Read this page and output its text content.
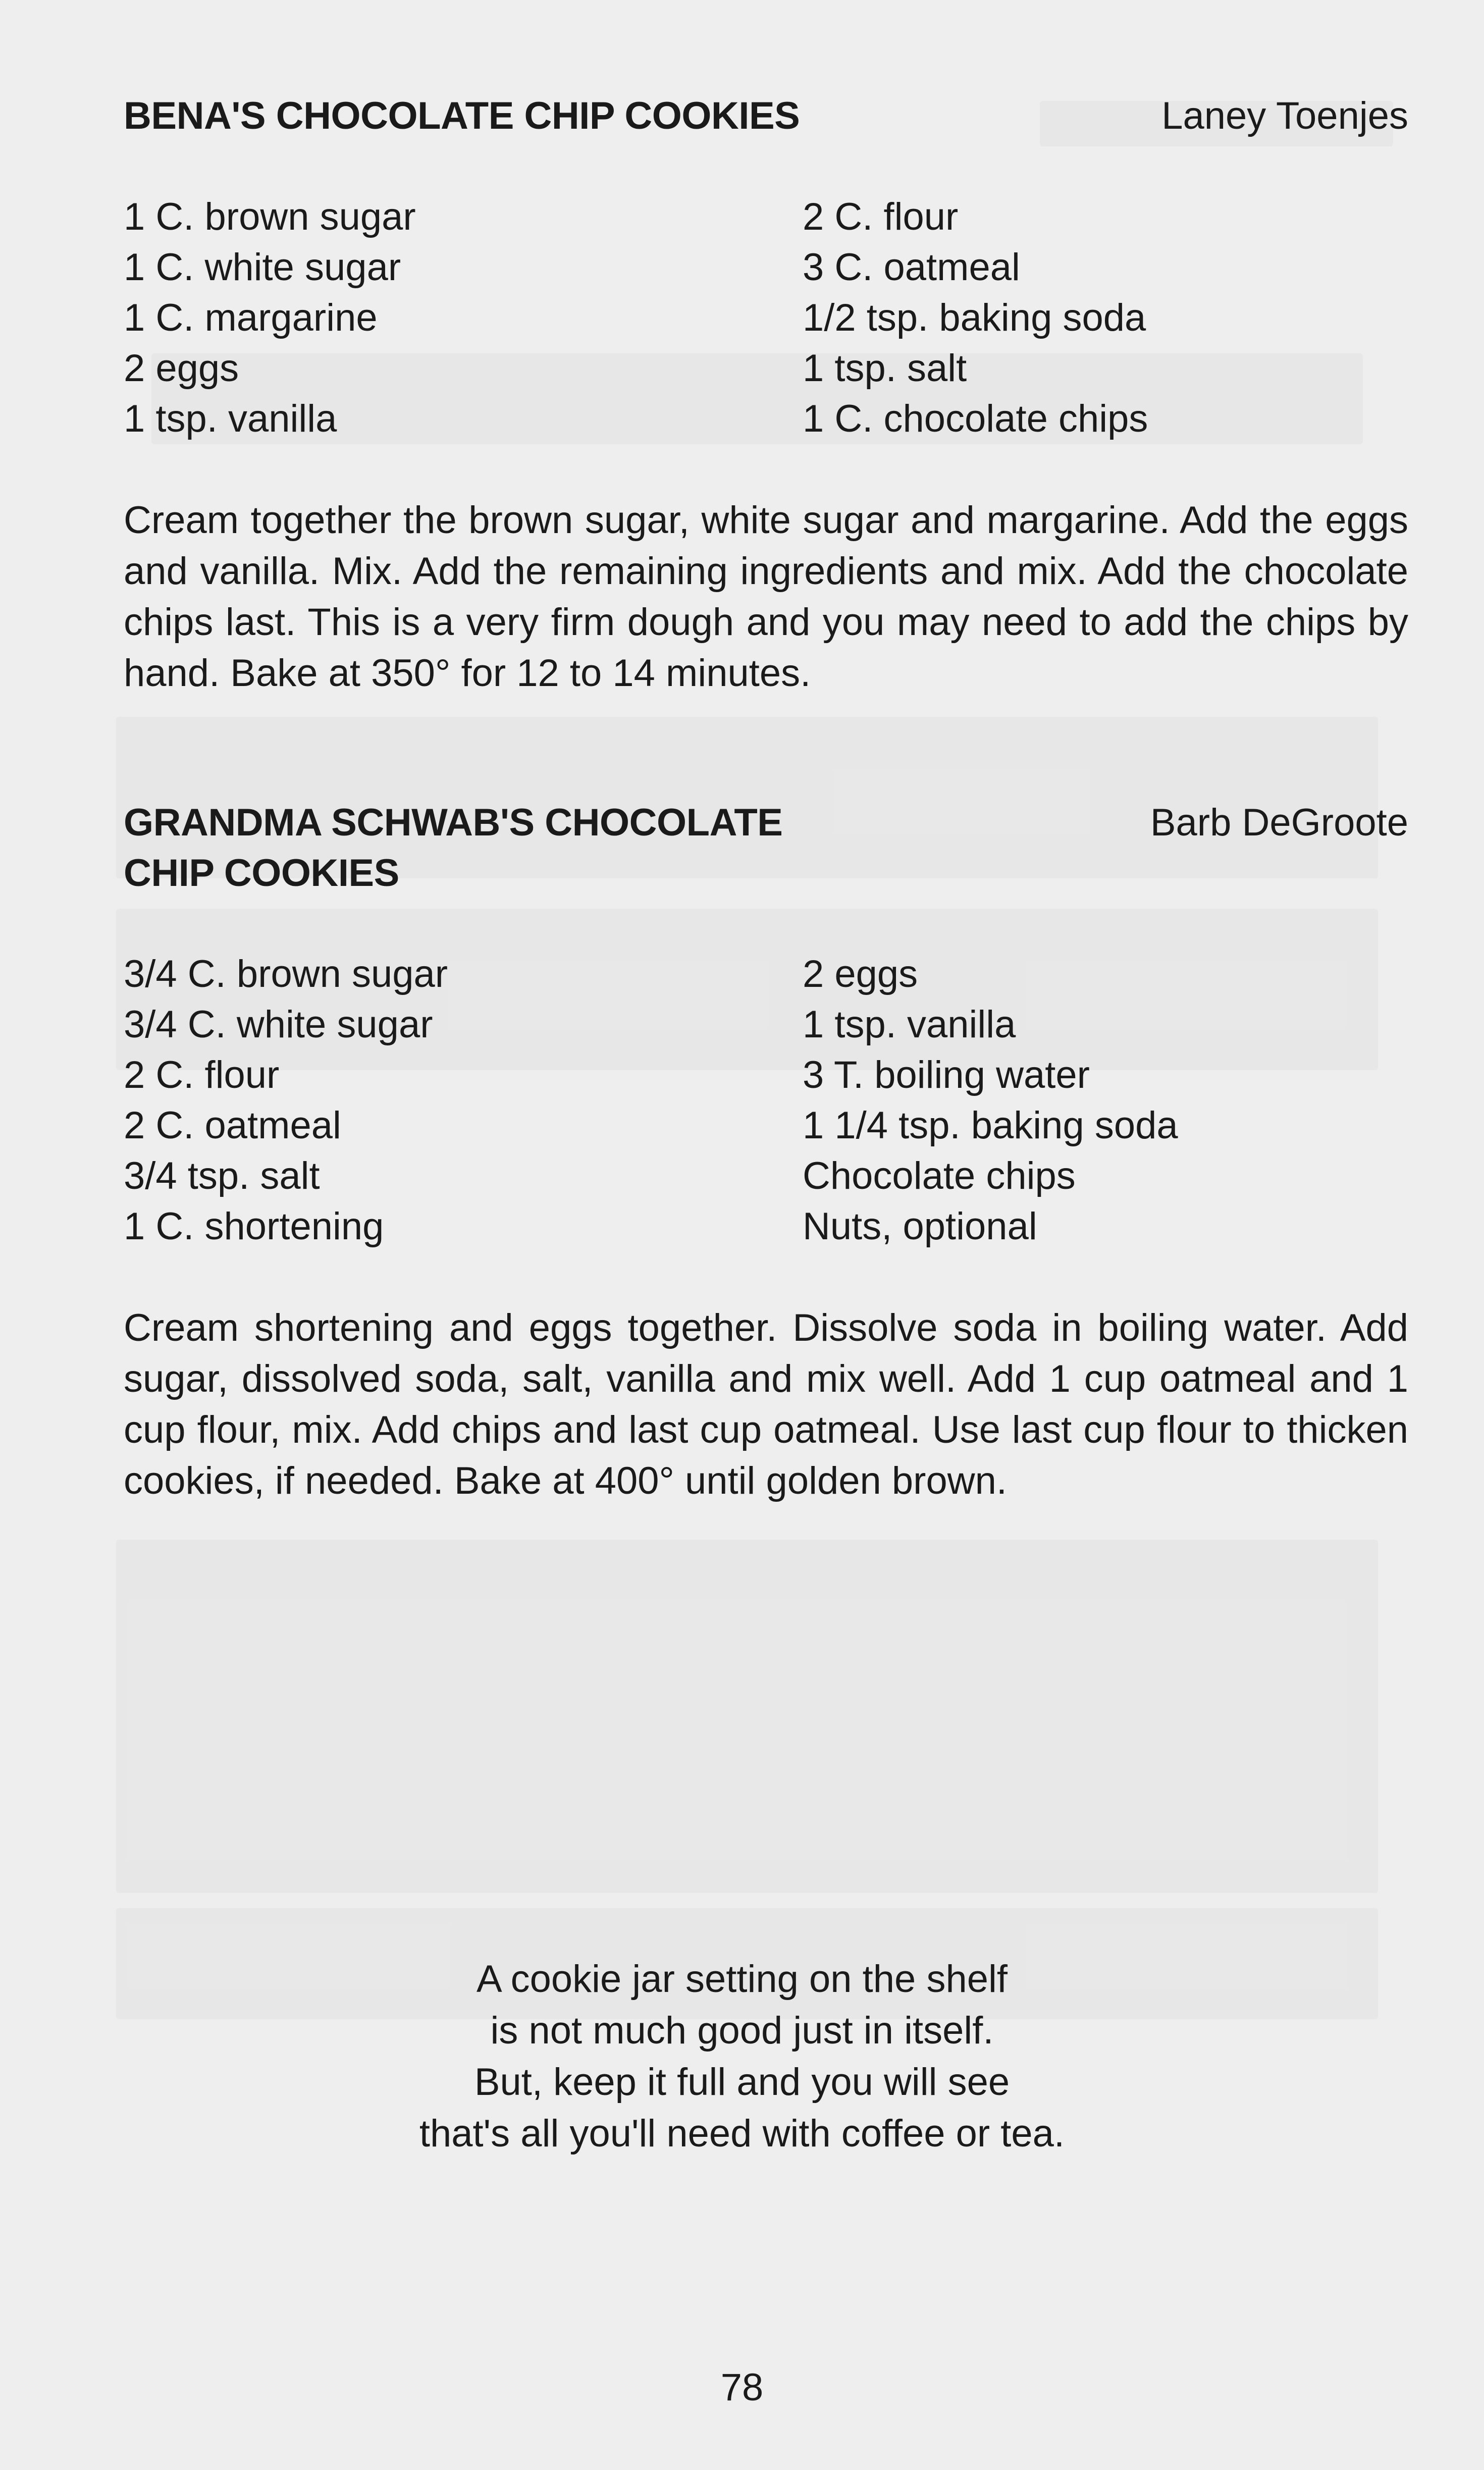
BENA'S CHOCOLATE CHIP COOKIES	Laney Toenjes
1 C. brown sugar
1 C. white sugar
1 C. margarine
2 eggs
1 tsp. vanilla
2 C. flour
3 C. oatmeal
1/2 tsp. baking soda
1 tsp. salt
1 C. chocolate chips

Cream together the brown sugar, white sugar and margarine. Add the eggs and vanilla. Mix. Add the remaining ingredients and mix. Add the chocolate chips last. This is a very firm dough and you may need to add the chips by hand. Bake at 350° for 12 to 14 minutes.

GRANDMA SCHWAB'S CHOCOLATE CHIP COOKIES
Barb DeGroote
3/4 C. brown sugar
3/4 C. white sugar
2 C. flour
2 C. oatmeal
3/4 tsp. salt
1 C. shortening
2 eggs
1 tsp. vanilla
3 T. boiling water
1 1/4 tsp. baking soda
Chocolate chips
Nuts, optional

Cream shortening and eggs together. Dissolve soda in boiling water. Add sugar, dissolved soda, salt, vanilla and mix well. Add 1 cup oatmeal and 1 cup flour, mix. Add chips and last cup oatmeal. Use last cup flour to thicken cookies, if needed. Bake at 400° until golden brown.

A cookie jar setting on the shelf
is not much good just in itself.
But, keep it full and you will see
that's all you'll need with coffee or tea.
78
